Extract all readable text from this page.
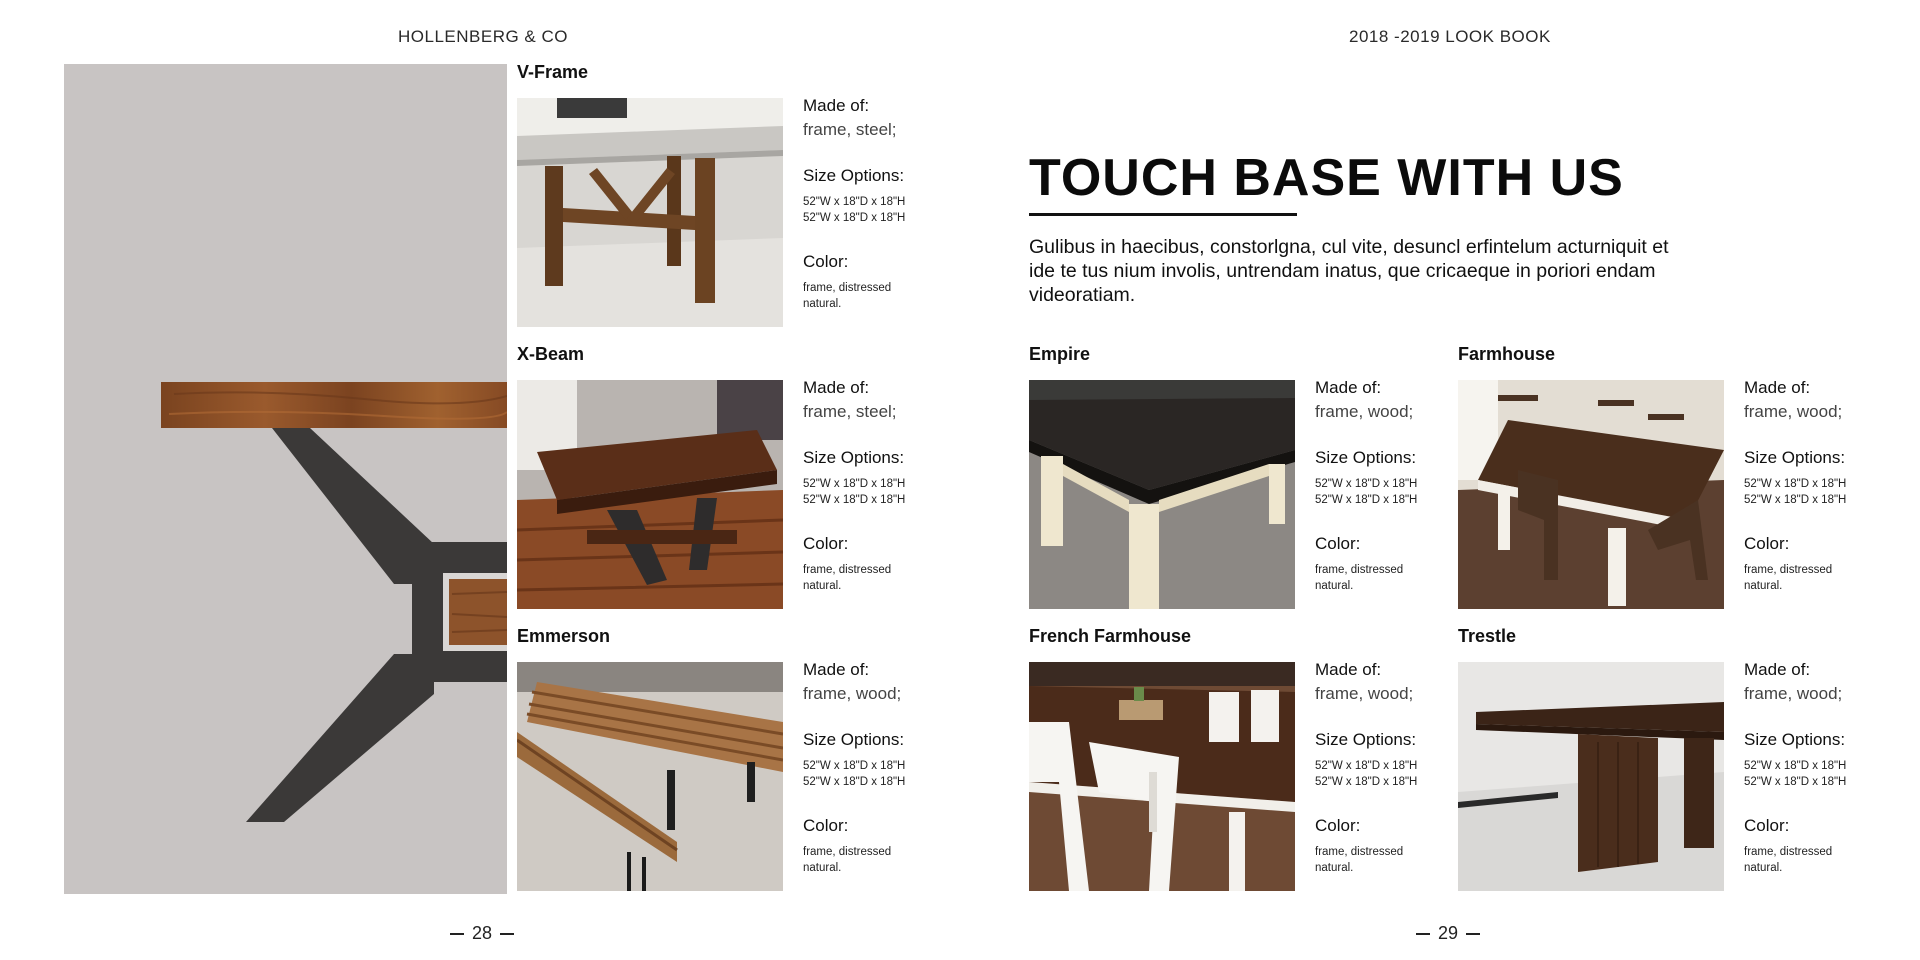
HOLLENBERG & CO	2018 -2019 LOOK BOOK
V-Frame
Made of:
frame, steel;
Size Options:
52"W x 18"D x 18"H
52"W x 18"D x 18"H
Color:
frame, distressed
natural.
X-Beam
Made of:
frame, steel;
Size Options:
52"W x 18"D x 18"H
52"W x 18"D x 18"H
Color:
frame, distressed
natural.
Emmerson
Made of:
frame, wood;
Size Options:
52"W x 18"D x 18"H
52"W x 18"D x 18"H
Color:
frame, distressed
natural.
TOUCH BASE WITH US
Gulibus in haecibus, constorlgna, cul vite, desuncl erfintelum acturniquit et ide te tus nium involis, untrendam inatus, que cricaeque in poriori endam videoratiam.
Empire
Made of:
frame, wood;
Size Options:
52"W x 18"D x 18"H
52"W x 18"D x 18"H
Color:
frame, distressed
natural.
Farmhouse
Made of:
frame, wood;
Size Options:
52"W x 18"D x 18"H
52"W x 18"D x 18"H
Color:
frame, distressed
natural.
French Farmhouse
Made of:
frame, wood;
Size Options:
52"W x 18"D x 18"H
52"W x 18"D x 18"H
Color:
frame, distressed
natural.
Trestle
Made of:
frame, wood;
Size Options:
52"W x 18"D x 18"H
52"W x 18"D x 18"H
Color:
frame, distressed
natural.
28	29
